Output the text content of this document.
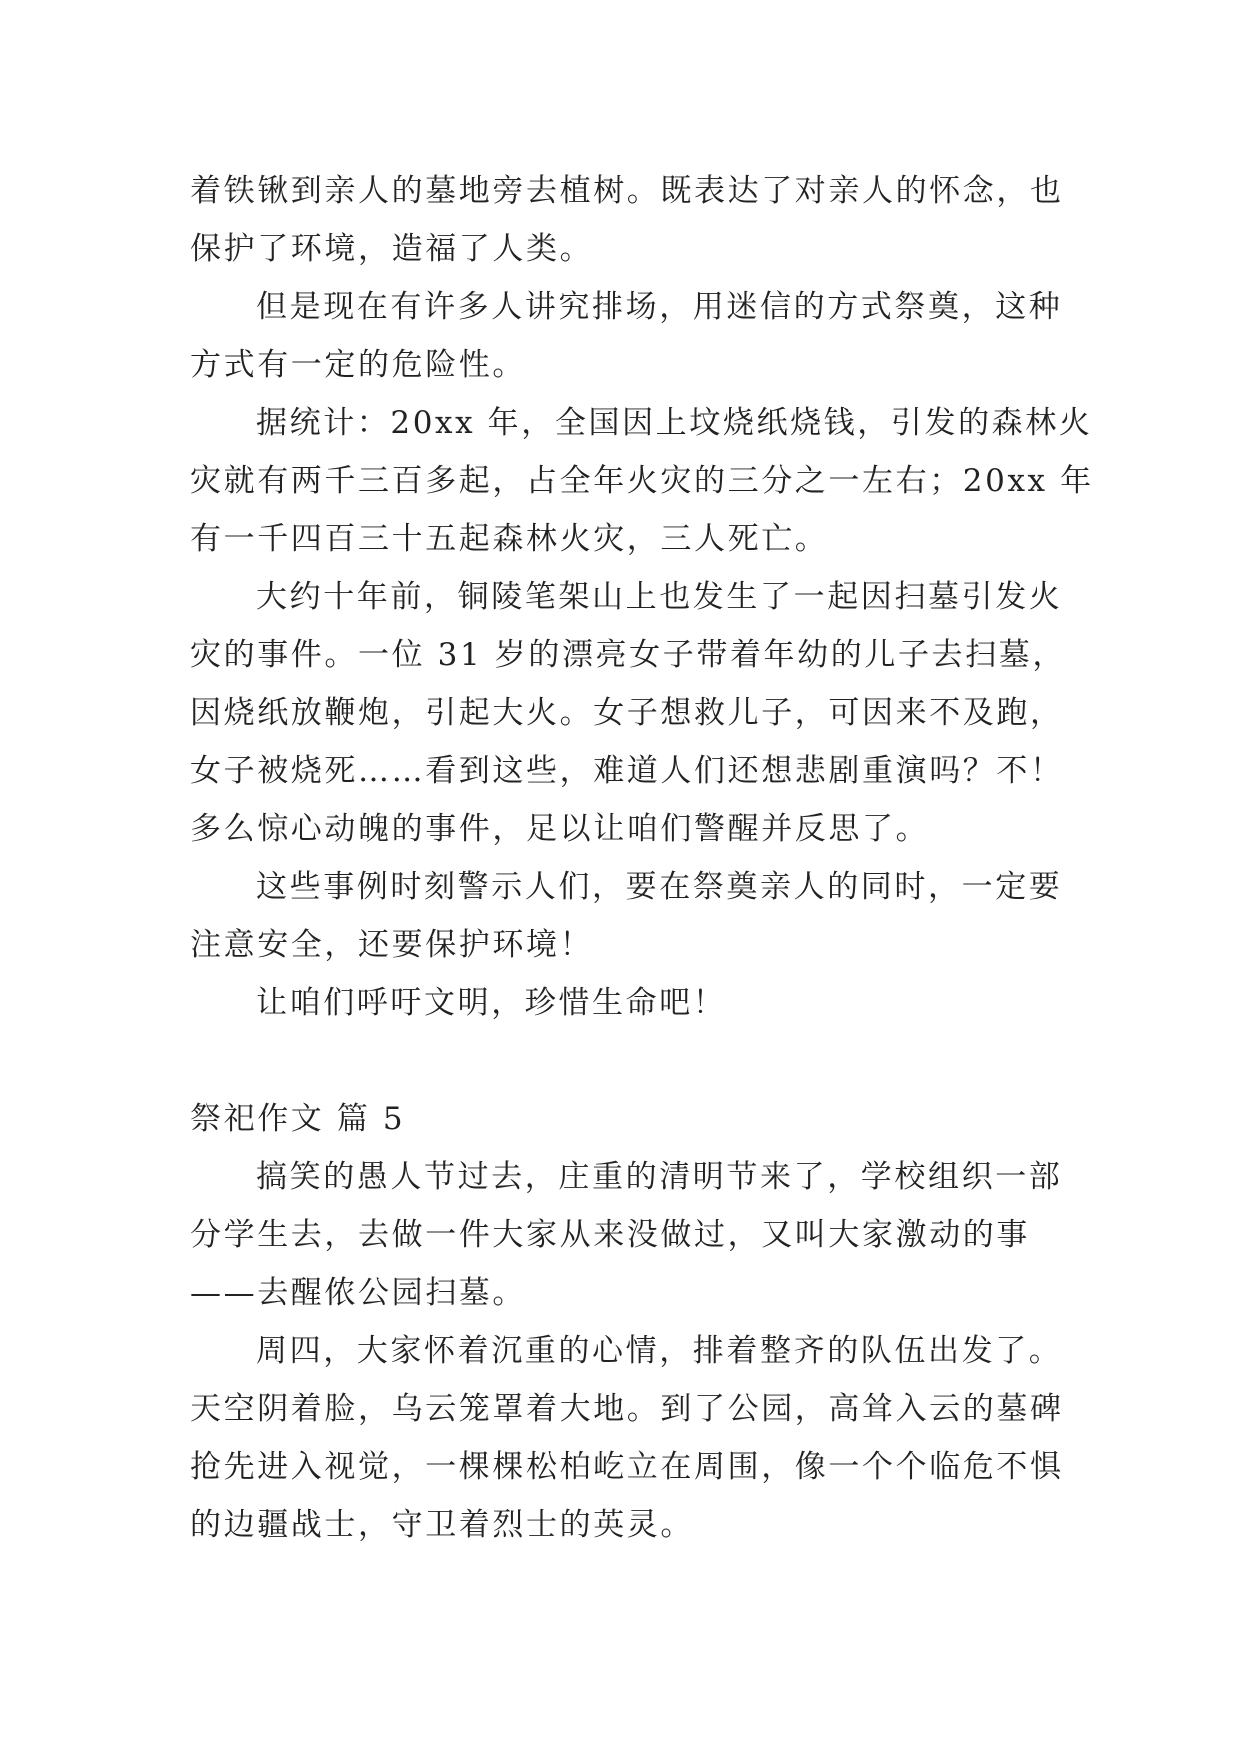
着铁锹到亲人的墓地旁去植树。既表达了对亲人的怀念，也
保护了环境，造福了人类。
但是现在有许多人讲究排场，用迷信的方式祭奠，这种
方式有一定的危险性。
据统计：20xx 年，全国因上坟烧纸烧钱，引发的森林火
灾就有两千三百多起，占全年火灾的三分之一左右；20xx 年
有一千四百三十五起森林火灾，三人死亡。
大约十年前，铜陵笔架山上也发生了一起因扫墓引发火
灾的事件。一位 31 岁的漂亮女子带着年幼的儿子去扫墓，
因烧纸放鞭炮，引起大火。女子想救儿子，可因来不及跑，
女子被烧死……看到这些，难道人们还想悲剧重演吗？不！
多么惊心动魄的事件，足以让咱们警醒并反思了。
这些事例时刻警示人们，要在祭奠亲人的同时，一定要
注意安全，还要保护环境！
让咱们呼吁文明，珍惜生命吧！
祭祀作文 篇 5
搞笑的愚人节过去，庄重的清明节来了，学校组织一部
分学生去，去做一件大家从来没做过，又叫大家激动的事
——去醒侬公园扫墓。
周四，大家怀着沉重的心情，排着整齐的队伍出发了。
天空阴着脸，乌云笼罩着大地。到了公园，高耸入云的墓碑
抢先进入视觉，一棵棵松柏屹立在周围，像一个个临危不惧
的边疆战士，守卫着烈士的英灵。
